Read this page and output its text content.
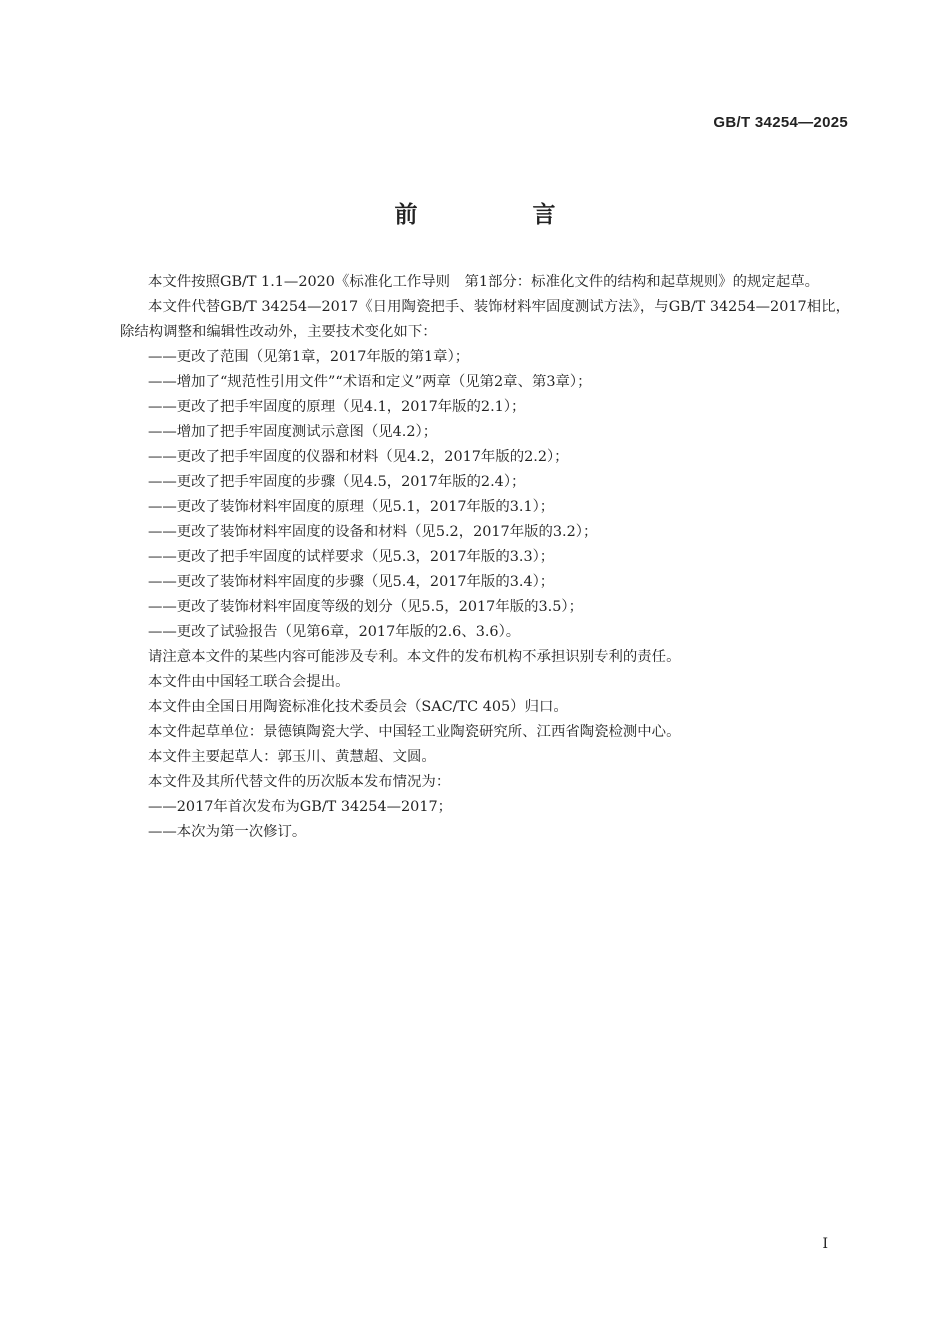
GB/T 34254—2025
前　言

本文件按照GB/T 1.1—2020《标准化工作导则　第1部分：标准化文件的结构和起草规则》的规定起草。

本文件代替GB/T 34254—2017《日用陶瓷把手、装饰材料牢固度测试方法》，与GB/T 34254—2017相比，除结构调整和编辑性改动外，主要技术变化如下：

——更改了范围（见第1章，2017年版的第1章）；

——增加了“规范性引用文件”“术语和定义”两章（见第2章、第3章）；

——更改了把手牢固度的原理（见4.1，2017年版的2.1）；

——增加了把手牢固度测试示意图（见4.2）；

——更改了把手牢固度的仪器和材料（见4.2，2017年版的2.2）；

——更改了把手牢固度的步骤（见4.5，2017年版的2.4）；

——更改了装饰材料牢固度的原理（见5.1，2017年版的3.1）；

——更改了装饰材料牢固度的设备和材料（见5.2，2017年版的3.2）；

——更改了把手牢固度的试样要求（见5.3，2017年版的3.3）；

——更改了装饰材料牢固度的步骤（见5.4，2017年版的3.4）；

——更改了装饰材料牢固度等级的划分（见5.5，2017年版的3.5）；

——更改了试验报告（见第6章，2017年版的2.6、3.6）。

请注意本文件的某些内容可能涉及专利。本文件的发布机构不承担识别专利的责任。

本文件由中国轻工联合会提出。

本文件由全国日用陶瓷标准化技术委员会（SAC/TC 405）归口。

本文件起草单位：景德镇陶瓷大学、中国轻工业陶瓷研究所、江西省陶瓷检测中心。

本文件主要起草人：郭玉川、黄慧超、文圆。

本文件及其所代替文件的历次版本发布情况为：

——2017年首次发布为GB/T 34254—2017；

——本次为第一次修订。

I
